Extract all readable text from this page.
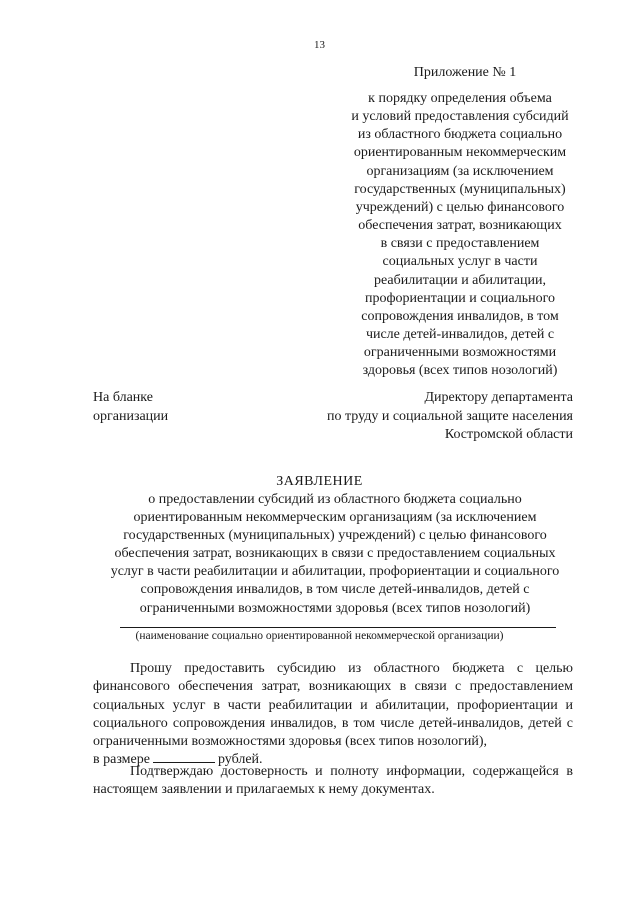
13
Приложение № 1
к порядку определения объема
и условий предоставления субсидий
из областного бюджета социально
ориентированным некоммерческим
организациям (за исключением
государственных (муниципальных)
учреждений) с целью финансового
обеспечения затрат, возникающих
в связи с предоставлением
социальных услуг в части
реабилитации и абилитации,
профориентации и социального
сопровождения инвалидов, в том
числе детей-инвалидов, детей с
ограниченными возможностями
здоровья (всех типов нозологий)
На бланке
организации
Директору департамента
по труду и социальной защите населения
Костромской области
ЗАЯВЛЕНИЕ
о предоставлении субсидий из областного бюджета социально
ориентированным некоммерческим организациям (за исключением
государственных (муниципальных) учреждений) с целью финансового
обеспечения затрат, возникающих в связи с предоставлением социальных
услуг в части реабилитации и абилитации, профориентации и социального
сопровождения инвалидов, в том числе детей-инвалидов, детей с
ограниченными возможностями здоровья (всех типов нозологий)
(наименование социально ориентированной некоммерческой организации)
Прошу предоставить субсидию из областного бюджета с целью финансового обеспечения затрат, возникающих в связи с предоставлением социальных услуг в части реабилитации и абилитации, профориентации и социального сопровождения инвалидов, в том числе детей-инвалидов, детей с ограниченными возможностями здоровья (всех типов нозологий),
в размере	рублей.
Подтверждаю достоверность и полноту информации, содержащейся в настоящем заявлении и прилагаемых к нему документах.
